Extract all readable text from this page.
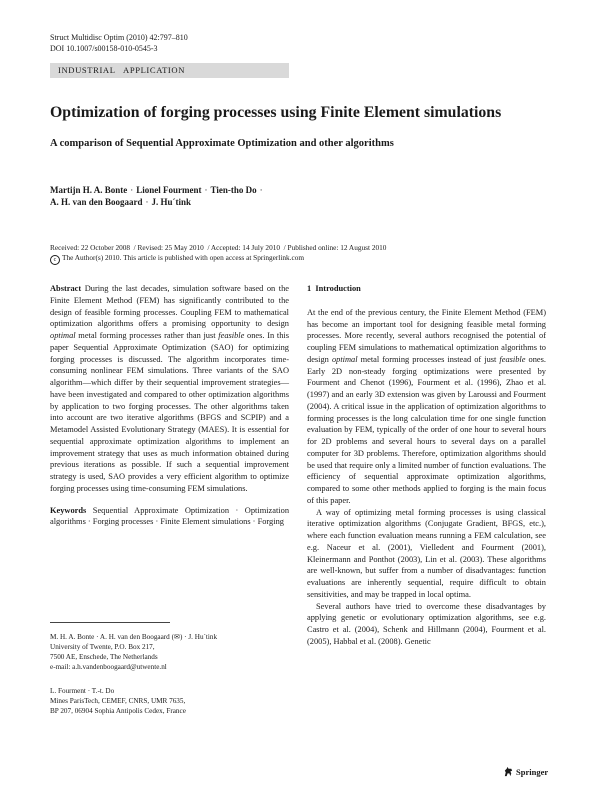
Struct Multidisc Optim (2010) 42:797–810
DOI 10.1007/s00158-010-0545-3
INDUSTRIAL   APPLICATION
Optimization of forging processes using Finite Element simulations
A comparison of Sequential Approximate Optimization and other algorithms
Martijn H. A. Bonte · Lionel Fourment · Tien-tho Do ·
A. H. van den Boogaard · J. Hu´tink
Received: 22 October 2008  / Revised: 25 May 2010  / Accepted: 14 July 2010  / Published online: 12 August 2010
c The Author(s) 2010. This article is published with open access at Springerlink.com
Abstract During the last decades, simulation software based on the Finite Element Method (FEM) has significantly contributed to the design of feasible forming processes. Coupling FEM to mathematical optimization algorithms offers a promising opportunity to design optimal metal forming processes rather than just feasible ones. In this paper Sequential Approximate Optimization (SAO) for optimizing forging processes is discussed. The algorithm incorporates time-consuming nonlinear FEM simulations. Three variants of the SAO algorithm—which differ by their sequential improvement strategies—have been investigated and compared to other optimization algorithms by application to two forging processes. The other algorithms taken into account are two iterative algorithms (BFGS and SCPIP) and a Metamodel Assisted Evolutionary Strategy (MAES). It is essential for sequential approximate optimization algorithms to implement an improvement strategy that uses as much information obtained during previous iterations as possible. If such a sequential improvement strategy is used, SAO provides a very efficient algorithm to optimize forging processes using time-consuming FEM simulations.
Keywords Sequential Approximate Optimization · Optimization algorithms · Forging processes · Finite Element simulations · Forging
M. H. A. Bonte · A. H. van den Boogaard (✉) · J. Hu´tink
University of Twente, P.O. Box 217,
7500 AE, Enschede, The Netherlands
e-mail: a.h.vandenboogaard@utwente.nl
L. Fourment · T.-t. Do
Mines ParisTech, CEMEF, CNRS, UMR 7635,
BP 207, 06904 Sophia Antipolis Cedex, France
1  Introduction

At the end of the previous century, the Finite Element Method (FEM) has become an important tool for designing feasible metal forming processes. More recently, several authors recognised the potential of coupling FEM simulations to mathematical optimization algorithms to design optimal metal forming processes instead of just feasible ones. Early 2D non-steady forging optimizations were presented by Fourment and Chenot (1996), Fourment et al. (1996), Zhao et al. (1997) and an early 3D extension was given by Laroussi and Fourment (2004). A critical issue in the application of optimization algorithms to forming processes is the long calculation time for one single function evaluation by FEM, typically of the order of one hour to several hours for 2D problems and several hours to several days on a parallel computer for 3D problems. Therefore, optimization algorithms should be used that require only a limited number of function evaluations. The efficiency of sequential approximate optimization algorithms, compared to some other methods applied to forging is the main focus of this paper.

A way of optimizing metal forming processes is using classical iterative optimization algorithms (Conjugate Gradient, BFGS, etc.), where each function evaluation means running a FEM calculation, see e.g. Naceur et al. (2001), Vielledent and Fourment (2001), Kleinermann and Ponthot (2003), Lin et al. (2003). These algorithms are well-known, but suffer from a number of disadvantages: function evaluations are inherently sequential, require difficult to obtain sensitivities, and may be trapped in local optima.

Several authors have tried to overcome these disadvantages by applying genetic or evolutionary optimization algorithms, see e.g. Castro et al. (2004), Schenk and Hillmann (2004), Fourment et al. (2005), Habbal et al. (2008). Genetic

Springer
